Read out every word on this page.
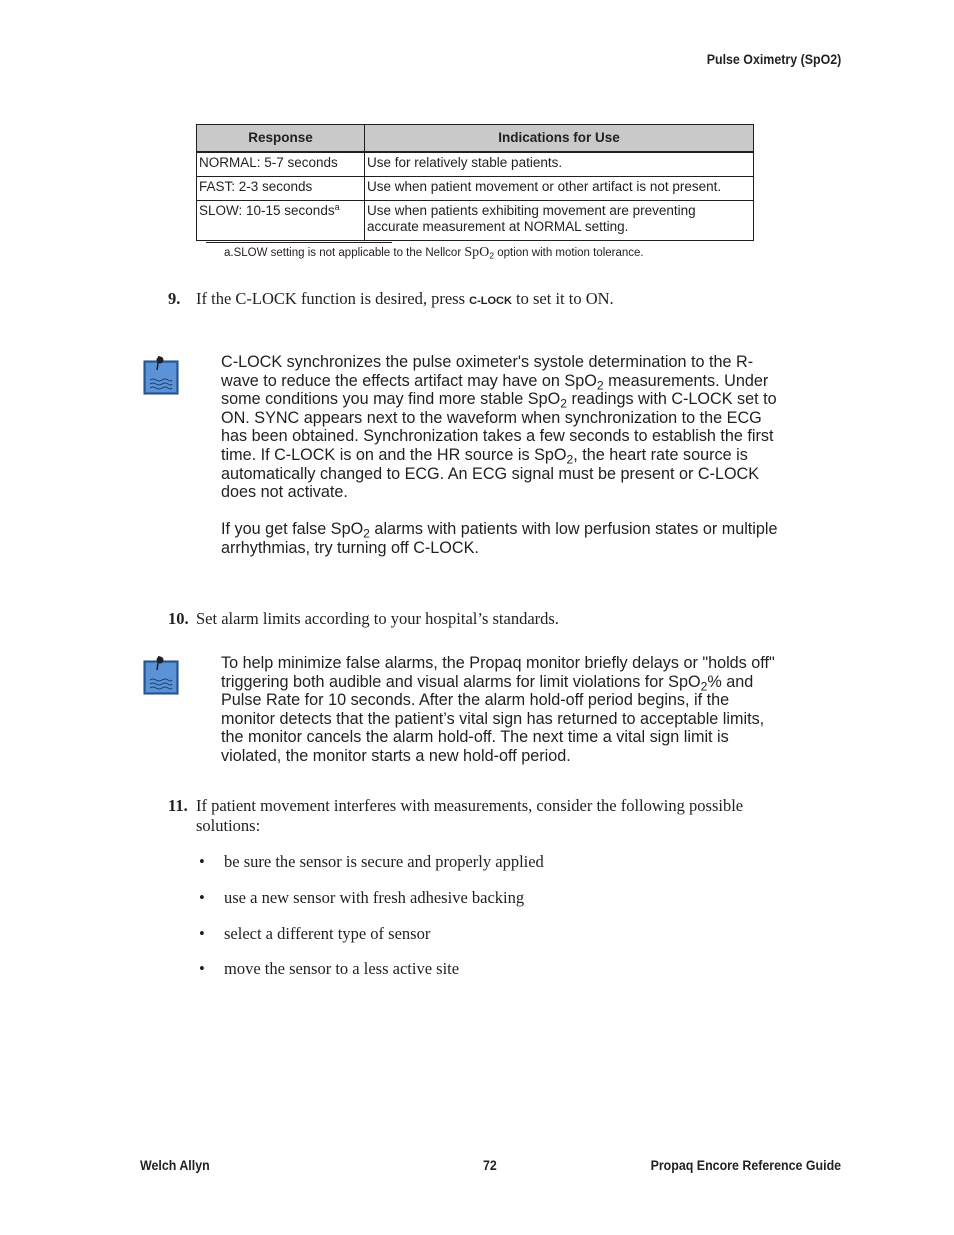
Pulse Oximetry (SpO2)
Response	Indications for Use
NORMAL: 5-7 seconds	Use for relatively stable patients.
FAST: 2-3 seconds	Use when patient movement or other artifact is not present.
SLOW: 10-15 seconds$^a$	Use when patients exhibiting movement are preventing
accurate measurement at NORMAL setting.
a.SLOW setting is not applicable to the Nellcor SpO$_2$ option with motion tolerance.
9. If the C-LOCK function is desired, press C-LOCK to set it to ON.

C-LOCK synchronizes the pulse oximeter's systole determination to the R-
wave to reduce the effects artifact may have on SpO$_2$ measurements. Under
some conditions you may find more stable SpO$_2$ readings with C-LOCK set to
ON. SYNC appears next to the waveform when synchronization to the ECG
has been obtained. Synchronization takes a few seconds to establish the first
time. If C-LOCK is on and the HR source is SpO$_2$, the heart rate source is
automatically changed to ECG. An ECG signal must be present or C-LOCK
does not activate.

If you get false SpO$_2$ alarms with patients with low perfusion states or multiple
arrhythmias, try turning off C-LOCK.

10. Set alarm limits according to your hospital’s standards.

To help minimize false alarms, the Propaq monitor briefly delays or "holds off"
triggering both audible and visual alarms for limit violations for SpO$_2$% and
Pulse Rate for 10 seconds. After the alarm hold-off period begins, if the
monitor detects that the patient’s vital sign has returned to acceptable limits,
the monitor cancels the alarm hold-off. The next time a vital sign limit is
violated, the monitor starts a new hold-off period.

11. If patient movement interferes with measurements, consider the following possible
solutions:
• be sure the sensor is secure and properly applied
• use a new sensor with fresh adhesive backing
• select a different type of sensor
• move the sensor to a less active site
Welch Allyn	72	Propaq Encore Reference Guide
